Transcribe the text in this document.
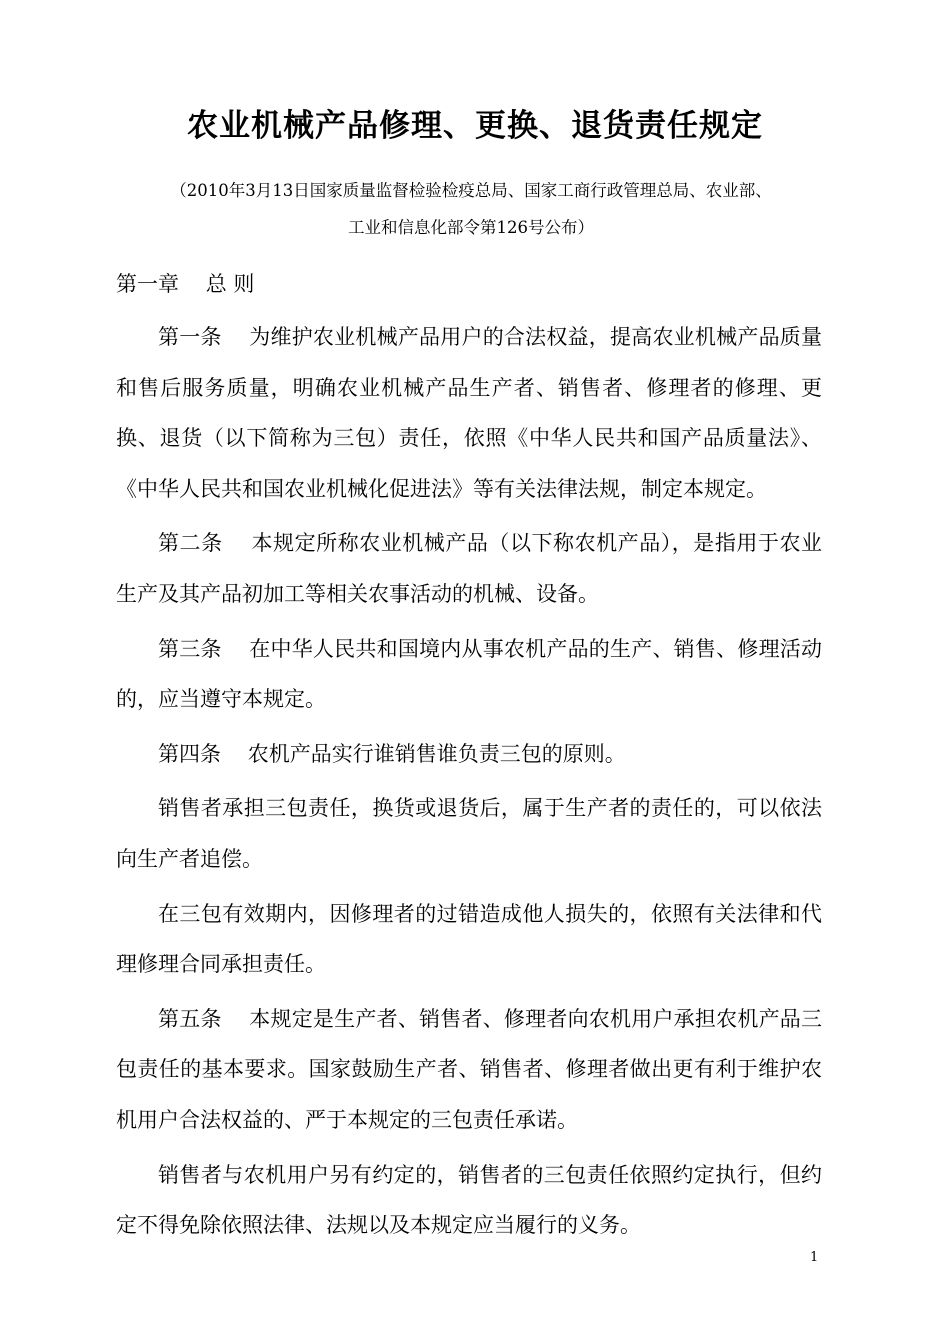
农业机械产品修理、更换、退货责任规定

（2010年3月13日国家质量监督检验检疫总局、国家工商行政管理总局、农业部、
工业和信息化部令第126号公布）

第一章    总 则

第一条 为维护农业机械产品用户的合法权益，提高农业机械产品质量和售后服务质量，明确农业机械产品生产者、销售者、修理者的修理、更换、退货（以下简称为三包）责任，依照《中华人民共和国产品质量法》、《中华人民共和国农业机械化促进法》等有关法律法规，制定本规定。

第二条 本规定所称农业机械产品（以下称农机产品），是指用于农业生产及其产品初加工等相关农事活动的机械、设备。

第三条 在中华人民共和国境内从事农机产品的生产、销售、修理活动的，应当遵守本规定。

第四条 农机产品实行谁销售谁负责三包的原则。

销售者承担三包责任，换货或退货后，属于生产者的责任的，可以依法向生产者追偿。

在三包有效期内，因修理者的过错造成他人损失的，依照有关法律和代理修理合同承担责任。

第五条 本规定是生产者、销售者、修理者向农机用户承担农机产品三包责任的基本要求。国家鼓励生产者、销售者、修理者做出更有利于维护农机用户合法权益的、严于本规定的三包责任承诺。

销售者与农机用户另有约定的，销售者的三包责任依照约定执行，但约定不得免除依照法律、法规以及本规定应当履行的义务。

1
